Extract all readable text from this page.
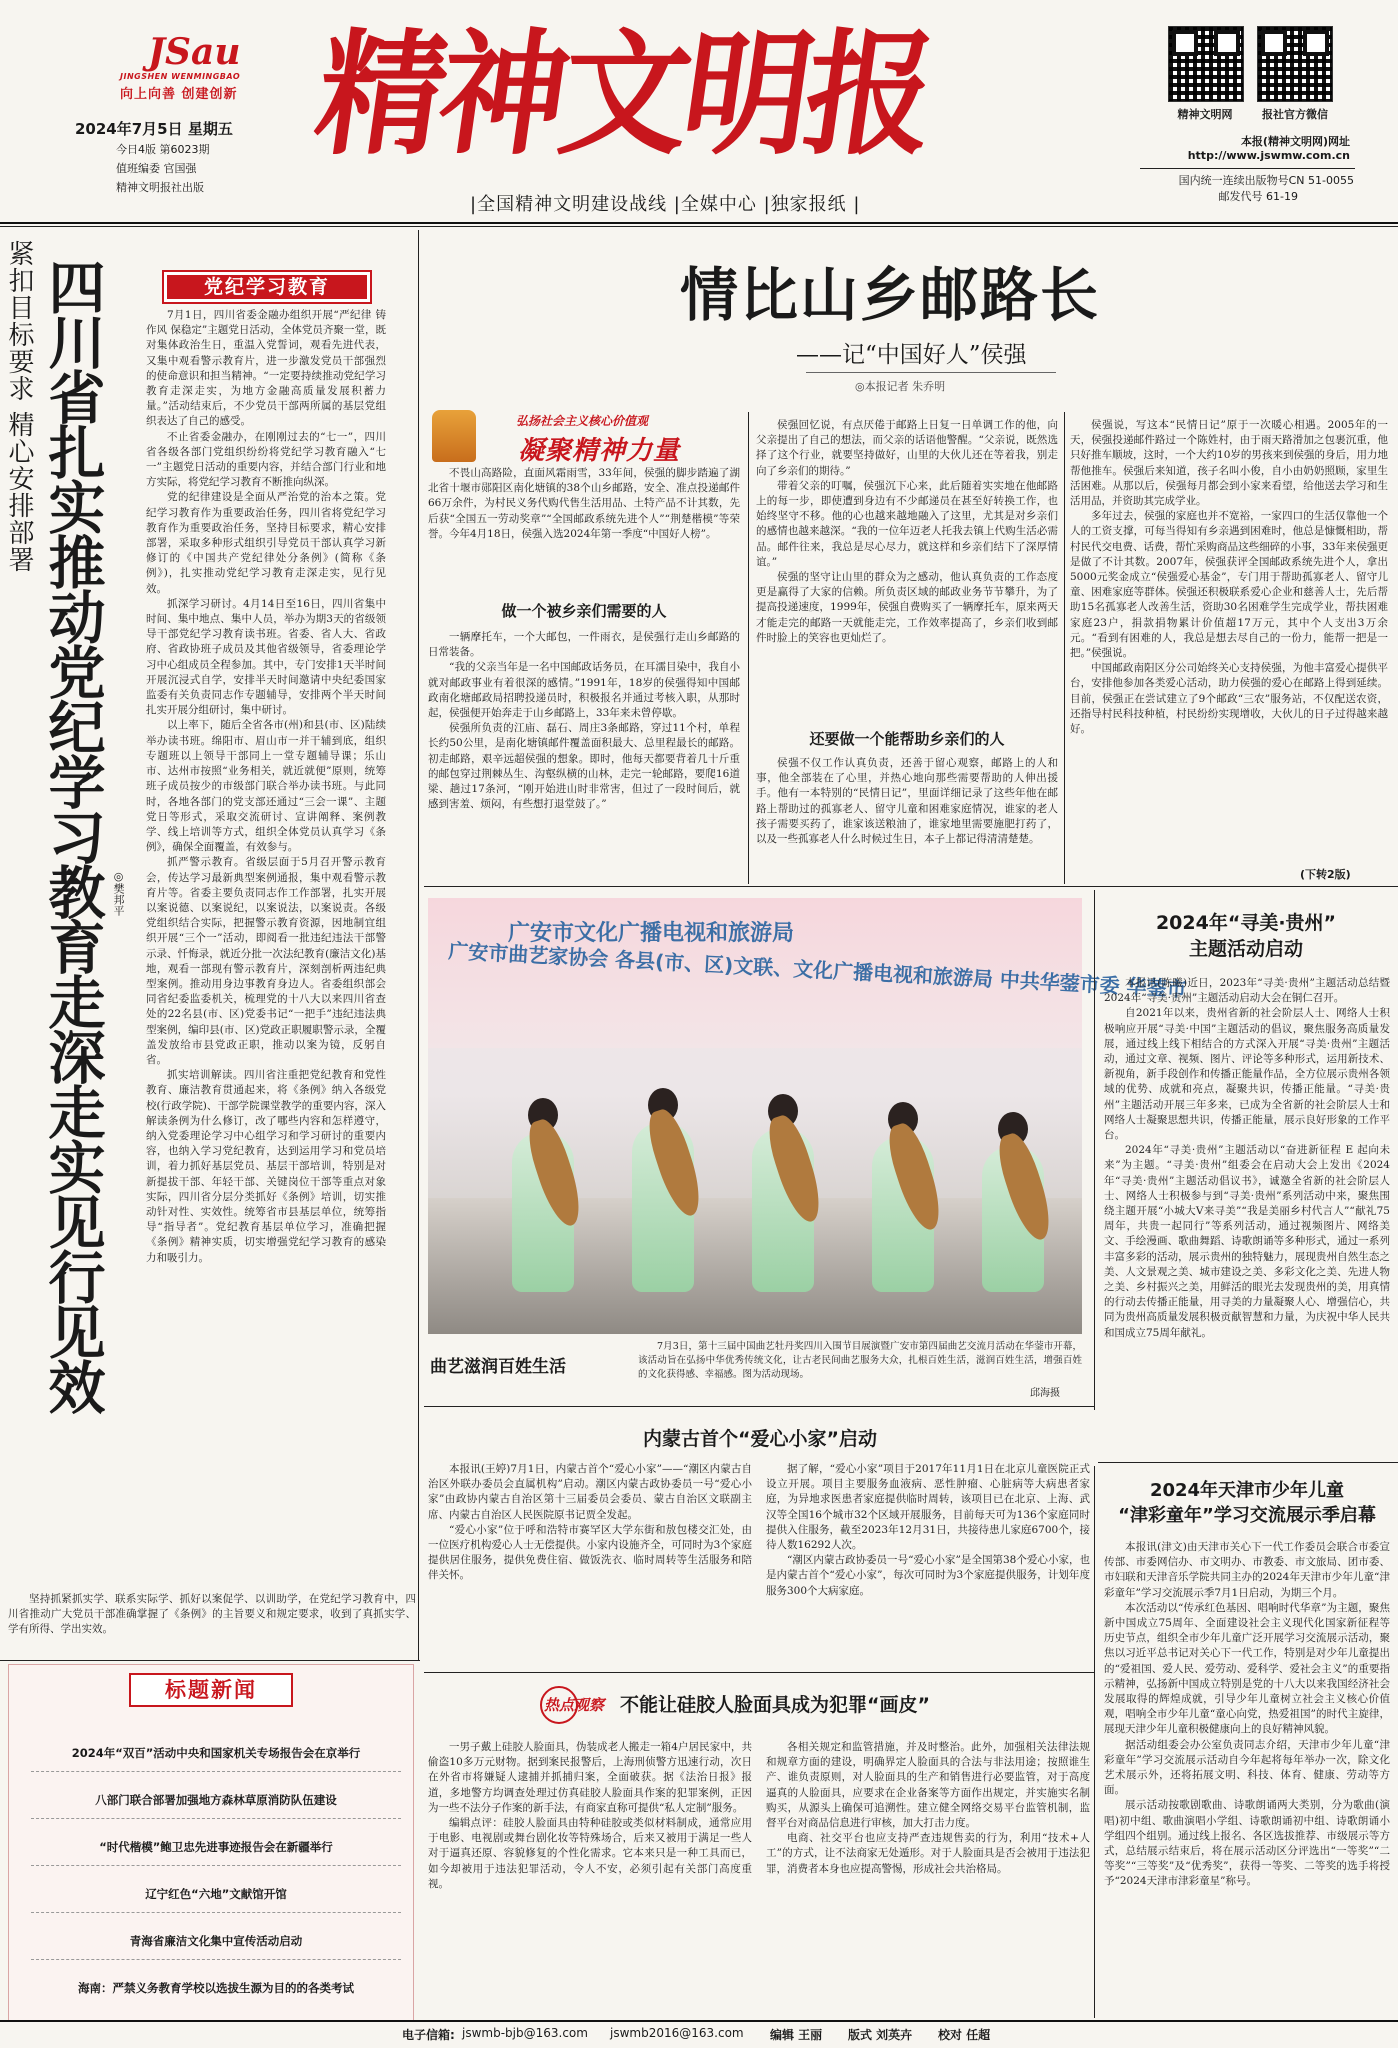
JSau
JINGSHEN WENMINGBAO
向上向善 创建创新
2024年7月5日 星期五
今日4版 第6023期
值班编委 官国强
精神文明报社出版
精神文明报	精神文明网	报社官方微信
本报(精神文明网)网址
http://www.jswmw.com.cn
国内统一连续出版物号CN 51-0055
邮发代号 61-19
|全国精神文明建设战线 |全媒中心 |独家报纸 |
紧扣目标要求 精心安排部署 四川省扎实推动党纪学习教育走深走实见行见效 ◎樊邦平
党纪学习教育

7月1日，四川省委金融办组织开展“严纪律 铸作风 保稳定”主题党日活动，全体党员齐聚一堂，既对集体政治生日，重温入党誓词，观看先进代表，又集中观看警示教育片，进一步激发党员干部强烈的使命意识和担当精神。“一定要持续推动党纪学习教育走深走实，为地方金融高质量发展积蓄力量。”活动结束后，不少党员干部两所属的基层党组织表达了自己的感受。

不止省委金融办，在刚刚过去的“七一”，四川省各级各部门党组织纷纷将党纪学习教育融入“七一”主题党日活动的重要内容，并结合部门行业和地方实际，将党纪学习教育不断推向纵深。

党的纪律建设是全面从严治党的治本之策。党纪学习教育作为重要政治任务，四川省将党纪学习教育作为重要政治任务，坚持目标要求，精心安排部署，采取多种形式组织引导党员干部认真学习新修订的《中国共产党纪律处分条例》(简称《条例》)，扎实推动党纪学习教育走深走实，见行见效。

抓深学习研讨。4月14日至16日，四川省集中时间、集中地点、集中人员，举办为期3天的省级领导干部党纪学习教育读书班。省委、省人大、省政府、省政协班子成员及其他省级领导，省委理论学习中心组成员全程参加。其中，专门安排1天半时间开展沉浸式自学，安排半天时间邀请中央纪委国家监委有关负责同志作专题辅导，安排两个半天时间扎实开展分组研讨，集中研讨。

以上率下，随后全省各市(州)和县(市、区)陆续举办读书班。绵阳市、眉山市一并干辅到底，组织专题班以上领导干部同上一堂专题辅导课；乐山市、达州市按照“业务相关，就近就便”原则，统筹班子成员按少的市级部门联合举办读书班。与此同时，各地各部门的党支部还通过“三会一课”、主题党日等形式，采取交流研讨、宣讲阐释、案例教学、线上培训等方式，组织全体党员认真学习《条例》，确保全面覆盖，有效参与。

抓严警示教育。省级层面于5月召开警示教育会，传达学习最新典型案例通报，集中观看警示教育片等。省委主要负责同志作工作部署，扎实开展以案说德、以案说纪，以案说法，以案说责。各级党组织结合实际，把握警示教育资源，因地制宜组织开展“三个一”活动，即阅看一批违纪违法干部警示录、忏悔录，就近分批一次法纪教育(廉洁文化)基地，观看一部现有警示教育片，深刻剖析两违纪典型案例。推动用身边事教育身边人。省委组织部会同省纪委监委机关，梳理党的十八大以来四川省查处的22名县(市、区)党委书记“一把手”违纪违法典型案例，编印县(市、区)党政正职履职警示录，全覆盖发放给市县党政正职，推动以案为镜，反躬自省。

抓实培训解读。四川省注重把党纪教育和党性教育、廉洁教育贯通起来，将《条例》纳入各级党校(行政学院)、干部学院课堂教学的重要内容，深入解读条例为什么修订，改了哪些内容和怎样遵守，纳入党委理论学习中心组学习和学习研讨的重要内容，也纳入学习党纪教育，达到运用学习和党员培训，着力抓好基层党员、基层干部培训，特别是对新提拔干部、年轻干部、关键岗位干部等重点对象实际，四川省分层分类抓好《条例》培训，切实推动针对性、实效性。统筹省市县基层单位，统筹指导“指导者”。党纪教育基层单位学习，准确把握《条例》精神实质，切实增强党纪学习教育的感染力和吸引力。

坚持抓紧抓实学、联系实际学、抓好以案促学、以训助学，在党纪学习教育中，四川省推动广大党员干部准确掌握了《条例》的主旨要义和规定要求，收到了真抓实学、学有所得、学出实效。

标题新闻
2024年“双百”活动中央和国家机关专场报告会在京举行
八部门联合部署加强地方森林草原消防队伍建设
“时代楷模”鲍卫忠先进事迹报告会在新疆举行
辽宁红色“六地”文献馆开馆
青海省廉洁文化集中宣传活动启动
海南：严禁义务教育学校以选拔生源为目的的各类考试
情比山乡邮路长
——记“中国好人”侯强
◎本报记者 朱乔明
弘扬社会主义核心价值观
凝聚精神力量

不畏山高路险，直面风霜雨雪，33年间，侯强的脚步踏遍了湖北省十堰市郧阳区南化塘镇的38个山乡邮路，安全、准点投递邮件66万余件，为村民义务代购代售生活用品、土特产品不计其数，先后获“全国五一劳动奖章”“全国邮政系统先进个人”“荆楚楷模”等荣誉。今年4月18日，侯强入选2024年第一季度“中国好人榜”。

做一个被乡亲们需要的人

一辆摩托车，一个大邮包，一件雨衣，是侯强行走山乡邮路的日常装备。

“我的父亲当年是一名中国邮政话务员，在耳濡目染中，我自小就对邮政事业有着很深的感情。”1991年，18岁的侯强得知中国邮政南化塘邮政局招聘投递员时，积极报名并通过考核入职，从那时起，侯强便开始奔走于山乡邮路上，33年来未曾停歇。

侯强所负责的江庙、磊石、周庄3条邮路，穿过11个村，单程长约50公里，是南化塘镇邮件覆盖面积最大、总里程最长的邮路。初走邮路，艰辛远超侯强的想象。即时，他每天都要背着几十斤重的邮包穿过荆棘丛生、沟壑纵横的山林，走完一轮邮路，要爬16道梁、趟过17条河，“刚开始进山时非常害，但过了一段时间后，就感到害羞、烦闷，有些想打退堂鼓了。”

侯强回忆说，有点厌倦于邮路上日复一日单调工作的他，向父亲提出了自己的想法，而父亲的话语他警醒。“父亲说，既然选择了这个行业，就要坚持做好，山里的大伙儿还在等着我，别走向了乡亲们的期待。”

带着父亲的叮嘱，侯强沉下心来，此后随着实实地在他邮路上的每一步，即使遭到身边有不少邮递员在甚至好转换工作，也始终坚守不移。他的心也越来越地融入了这里，尤其是对乡亲们的感情也越来越深。“我的一位年迈老人托我去镇上代购生活必需品。邮件往来，我总是尽心尽力，就这样和乡亲们结下了深厚情谊。”

侯强的坚守让山里的群众为之感动，他认真负责的工作态度更是赢得了大家的信赖。所负责区域的邮政业务节节攀升，为了提高投递速度，1999年，侯强自费购买了一辆摩托车，原来两天才能走完的邮路一天就能走完，工作效率提高了，乡亲们收到邮件时脸上的笑容也更灿烂了。

还要做一个能帮助乡亲们的人

侯强不仅工作认真负责，还善于留心观察，邮路上的人和事，他全部装在了心里，并热心地向那些需要帮助的人伸出援手。他有一本特别的“民情日记”，里面详细记录了这些年他在邮路上帮助过的孤寡老人、留守儿童和困难家庭情况，谁家的老人孩子需要买药了，谁家该送粮油了，谁家地里需要施肥打药了，以及一些孤寡老人什么时候过生日，本子上都记得清清楚楚。

侯强说，写这本“民情日记”原于一次暖心相遇。2005年的一天，侯强投递邮件路过一个陈姓村，由于雨天路滑加之包裹沉重，他只好推车顺坡，这时，一个大约10岁的男孩来到侯强的身后，用力地帮他推车。侯强后来知道，孩子名叫小俊，自小由奶奶照顾，家里生活困难。从那以后，侯强每月都会到小家来看望，给他送去学习和生活用品，并资助其完成学业。

多年过去，侯强的家庭也并不宽裕，一家四口的生活仅靠他一个人的工资支撑，可每当得知有乡亲遇到困难时，他总是慷慨相助，帮村民代交电费、话费，帮忙采购商品这些细碎的小事，33年来侯强更是做了不计其数。2007年，侯强获评全国邮政系统先进个人，拿出5000元奖金成立“侯强爱心基金”，专门用于帮助孤寡老人、留守儿童、困难家庭等群体。侯强还积极联系爱心企业和慈善人士，先后帮助15名孤寡老人改善生活，资助30名困难学生完成学业，帮扶困难家庭23户，捐款捐物累计价值超17万元，其中个人支出3万余元。“看到有困难的人，我总是想去尽自己的一份力，能帮一把是一把。”侯强说。

中国邮政南阳区分公司始终关心支持侯强，为他丰富爱心提供平台，安排他参加各类爱心活动，助力侯强的爱心在邮路上得到延续。目前，侯强正在尝试建立了9个邮政“三农”服务站，不仅配送农资，还指导村民科技种植，村民纷纷实现增收，大伙儿的日子过得越来越好。

(下转2版)
广安市文化广播电视和旅游局
广安市曲艺家协会 各县(市、区)文联、文化广播电视和旅游局 中共华蓥市委 华蓥市
曲艺滋润百姓生活

7月3日，第十三届中国曲艺牡丹奖四川入围节目展演暨广安市第四届曲艺交流月活动在华蓥市开幕，该活动旨在弘扬中华优秀传统文化，让古老民间曲艺服务大众，扎根百姓生活，滋润百姓生活，增强百姓的文化获得感、幸福感。图为活动现场。

邱海摄
2024年“寻美·贵州”
主题活动启动

本报讯(陈曦)近日，2023年“寻美·贵州”主题活动总结暨2024年“寻美·贵州”主题活动启动大会在铜仁召开。

自2021年以来，贵州省新的社会阶层人士、网络人士积极响应开展“寻美·中国”主题活动的倡议，聚焦服务高质量发展，通过线上线下相结合的方式深入开展“寻美·贵州”主题活动，通过文章、视频、图片、评论等多种形式，运用新技术、新视角，新手段创作和传播正能量作品，全方位展示贵州各领域的优势、成就和亮点，凝聚共识，传播正能量。“寻美·贵州”主题活动开展三年多来，已成为全省新的社会阶层人士和网络人士凝聚思想共识，传播正能量，展示良好形象的工作平台。

2024年“寻美·贵州”主题活动以“奋进新征程 E 起向未来”为主题。“寻美·贵州”组委会在启动大会上发出《2024年“寻美·贵州”主题活动倡议书》，诚邀全省新的社会阶层人士、网络人士积极参与到“寻美·贵州”系列活动中来，聚焦围绕主题开展“小城大V来寻美”“我是美丽乡村代言人”“献礼75周年，共贵一起同行”等系列活动，通过视频图片、网络美文、手绘漫画、歌曲舞蹈、诗歌朗诵等多种形式，通过一系列丰富多彩的活动，展示贵州的独特魅力，展现贵州自然生态之美、人文景观之美、城市建设之美、多彩文化之美、先进人物之美、乡村振兴之美，用鲜活的眼光去发现贵州的美，用真情的行动去传播正能量，用寻美的力量凝聚人心、增强信心，共同为贵州高质量发展积极贡献智慧和力量，为庆祝中华人民共和国成立75周年献礼。

2024年天津市少年儿童
“津彩童年”学习交流展示季启幕

本报讯(津文)由天津市关心下一代工作委员会联合市委宣传部、市委网信办、市文明办、市教委、市文旅局、团市委、市妇联和天津音乐学院共同主办的2024年天津市少年儿童“津彩童年”学习交流展示季7月1日启动，为期三个月。

本次活动以“传承红色基因、唱响时代华章”为主题，聚焦新中国成立75周年、全面建设社会主义现代化国家新征程等历史节点，组织全市少年儿童广泛开展学习交流展示活动，聚焦以习近平总书记对关心下一代工作，特别是对少年儿童提出的“爱祖国、爱人民、爱劳动、爱科学、爱社会主义”的重要指示精神，弘扬新中国成立特别是党的十八大以来我国经济社会发展取得的辉煌成就，引导少年儿童树立社会主义核心价值观，唱响全市少年儿童“童心向党，热爱祖国”的时代主旋律，展现天津少年儿童积极健康向上的良好精神风貌。

据活动组委会办公室负责同志介绍，天津市少年儿童“津彩童年”学习交流展示活动自今年起将每年举办一次，除文化艺术展示外，还将拓展文明、科技、体育、健康、劳动等方面。

展示活动按歌剧歌曲、诗歌朗诵两大类别，分为歌曲(演唱)初中组、歌曲演唱小学组、诗歌朗诵初中组、诗歌朗诵小学组四个组别。通过线上报名、各区选拔推荐、市级展示等方式，总结展示结束后，将在展示活动区分评选出“一等奖”“二等奖”“三等奖”及“优秀奖”，获得一等奖、二等奖的选手将授予“2024天津市津彩童星”称号。

内蒙古首个“爱心小家”启动

本报讯(王婷)7月1日，内蒙古首个“爱心小家”——“潮区内蒙古自治区外联办委员会直属机构”启动。潮区内蒙古政协委员一号“爱心小家”由政协内蒙古自治区第十三届委员会委员、蒙古自治区文联副主席、内蒙古自治区人民医院原书记贾全发起。

“爱心小家”位于呼和浩特市赛罕区大学东街和敖包楼交汇处，由一位医疗机构爱心人士无偿提供。小家内设施齐全，可同时为3个家庭提供居住服务，提供免费住宿、做饭洗衣、临时周转等生活服务和陪伴关怀。

据了解，“爱心小家”项目于2017年11月1日在北京儿童医院正式设立开展。项目主要服务血液病、恶性肿瘤、心脏病等大病患者家庭，为异地求医患者家庭提供临时周转，该项目已在北京、上海、武汉等全国16个城市32个区域开展服务，目前每天可为136个家庭同时提供入住服务，截至2023年12月31日，共接待患儿家庭6700个，接待人数16292人次。

“潮区内蒙古政协委员一号“爱心小家”是全国第38个爱心小家，也是内蒙古首个“爱心小家”，每次可同时为3个家庭提供服务，计划年度服务300个大病家庭。

热点观察 不能让硅胶人脸面具成为犯罪“画皮”

一男子戴上硅胶人脸面具，伪装成老人搬走一箱4户居民家中，共偷盗10多万元财物。据到案民报警后，上海刑侦警方迅速行动，次日在外省市将嫌疑人逮捕并抓捕归案，全面破获。据《法治日报》报道，多地警方均调查处理过仿真硅胶人脸面具作案的犯罪案例，正因为一些不法分子作案的新手法，有商家直称可提供“私人定制”服务。

编辑点评：硅胶人脸面具由特种硅胶或类似材料制成，通常应用于电影、电视剧或舞台剧化妆等特殊场合，后来又被用于满足一些人对于逼真还原、容貌修复的个性化需求。它本来只是一种工具而已，如今却被用于违法犯罪活动，令人不安，必须引起有关部门高度重视。

各相关规定和监管措施，并及时整治。此外，加强相关法律法规和规章方面的建设，明确界定人脸面具的合法与非法用途；按照谁生产、谁负责原则，对人脸面具的生产和销售进行必要监管，对于高度逼真的人脸面具，应要求在企业备案等方面作出规定，并实施实名制购买，从源头上确保可追溯性。建立健全网络交易平台监管机制，监督平台对商品信息进行审核，加大打击力度。

电商、社交平台也应支持严查违规售卖的行为，利用“技术+人工”的方式，让不法商家无处遁形。对于人脸面具是否会被用于违法犯罪，消费者本身也应提高警惕，形成社会共治格局。

电子信箱: jswmb-bjb@163.com jswmb2016@163.com 编辑 王丽 版式 刘英卉 校对 任超
